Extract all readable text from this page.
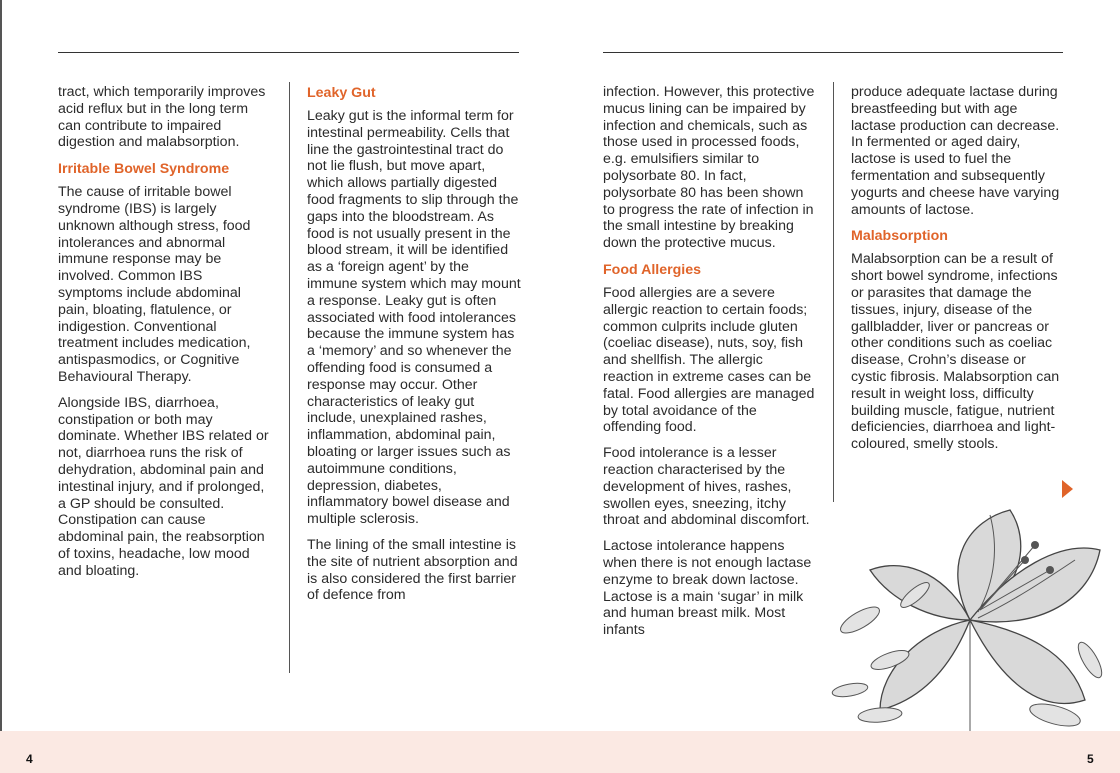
tract, which temporarily improves acid reflux but in the long term can contribute to impaired digestion and malabsorption.

Irritable Bowel Syndrome

The cause of irritable bowel syndrome (IBS) is largely unknown although stress, food intolerances and abnormal immune response may be involved. Common IBS symptoms include abdominal pain, bloating, flatulence, or indigestion. Conventional treatment includes medication, antispasmodics, or Cognitive Behavioural Therapy.

Alongside IBS, diarrhoea, constipation or both may dominate. Whether IBS related or not, diarrhoea runs the risk of dehydration, abdominal pain and intestinal injury, and if prolonged, a GP should be consulted. Constipation can cause abdominal pain, the reabsorption of toxins, headache, low mood and bloating.

Leaky Gut

Leaky gut is the informal term for intestinal permeability. Cells that line the gastrointestinal tract do not lie flush, but move apart, which allows partially digested food fragments to slip through the gaps into the bloodstream. As food is not usually present in the blood stream, it will be identified as a ‘foreign agent’ by the immune system which may mount a response. Leaky gut is often associated with food intolerances because the immune system has a ‘memory’ and so whenever the offending food is consumed a response may occur. Other characteristics of leaky gut include, unexplained rashes, inflammation, abdominal pain, bloating or larger issues such as autoimmune conditions, depression, diabetes, inflammatory bowel disease and multiple sclerosis.

The lining of the small intestine is the site of nutrient absorption and is also considered the first barrier of defence from

infection. However, this protective mucus lining can be impaired by infection and chemicals, such as those used in processed foods, e.g. emulsifiers similar to polysorbate 80. In fact, polysorbate 80 has been shown to progress the rate of infection in the small intestine by breaking down the protective mucus.

Food Allergies

Food allergies are a severe allergic reaction to certain foods; common culprits include gluten (coeliac disease), nuts, soy, fish and shellfish. The allergic reaction in extreme cases can be fatal. Food allergies are managed by total avoidance of the offending food.

Food intolerance is a lesser reaction characterised by the development of hives, rashes, swollen eyes, sneezing, itchy throat and abdominal discomfort.

Lactose intolerance happens when there is not enough lactase enzyme to break down lactose. Lactose is a main ‘sugar’ in milk and human breast milk. Most infants

produce adequate lactase during breastfeeding but with age lactase production can decrease. In fermented or aged dairy, lactose is used to fuel the fermentation and subsequently yogurts and cheese have varying amounts of lactose.

Malabsorption

Malabsorption can be a result of short bowel syndrome, infections or parasites that damage the tissues, injury, disease of the gallbladder, liver or pancreas or other conditions such as coeliac disease, Crohn’s disease or cystic fibrosis. Malabsorption can result in weight loss, difficulty building muscle, fatigue, nutrient deficiencies, diarrhoea and light-coloured, smelly stools.

4	5
